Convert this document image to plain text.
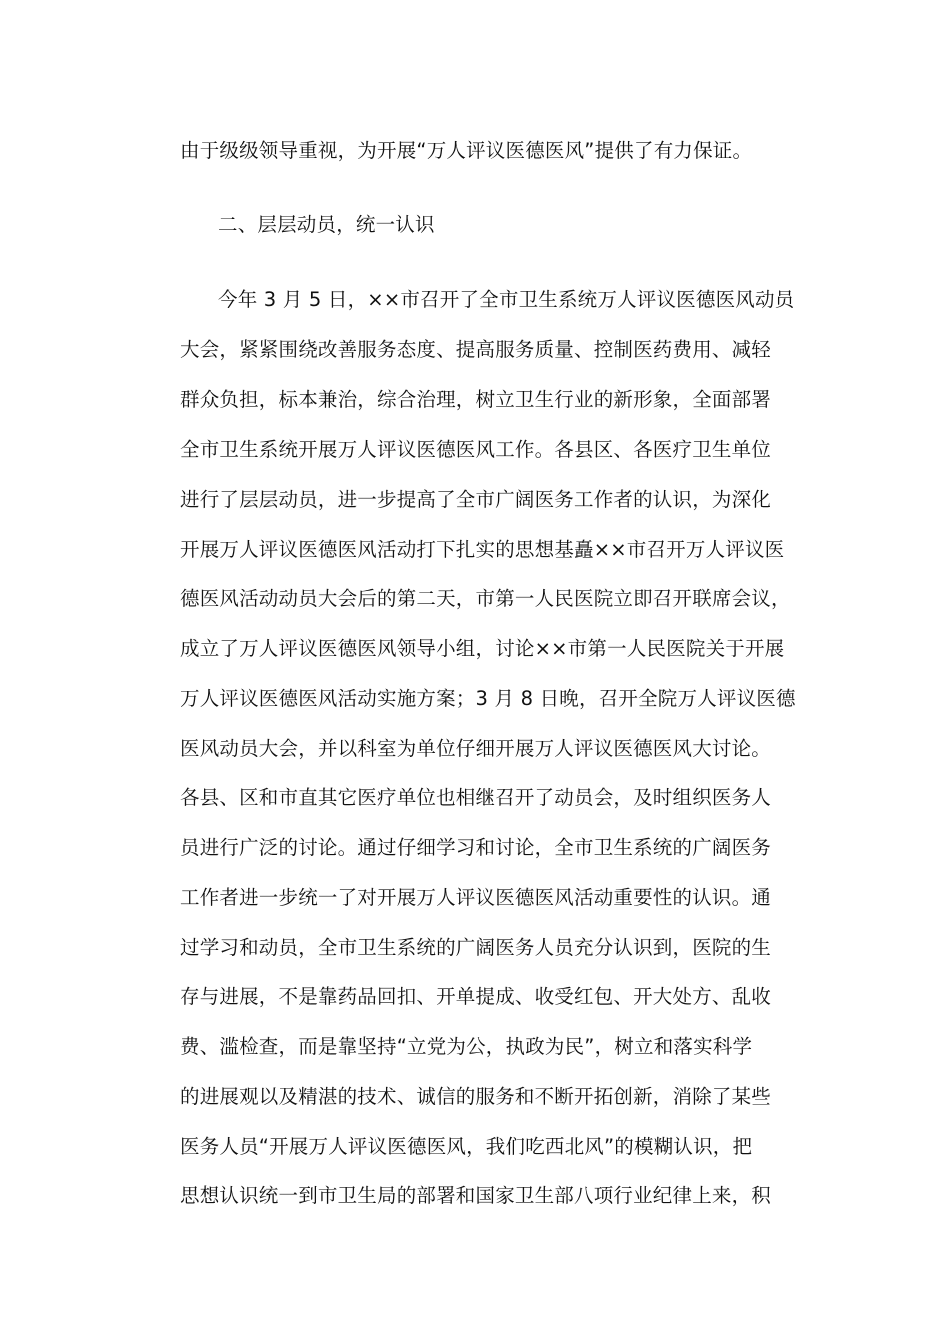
由于级级领导重视，为开展“万人评议医德医风”提供了有力保证。
二、层层动员，统一认识
今年 3 月 5 日，××市召开了全市卫生系统万人评议医德医风动员
大会，紧紧围绕改善服务态度、提高服务质量、控制医药费用、减轻
群众负担，标本兼治，综合治理，树立卫生行业的新形象，全面部署
全市卫生系统开展万人评议医德医风工作。各县区、各医疗卫生单位
进行了层层动员，进一步提高了全市广阔医务工作者的认识，为深化
开展万人评议医德医风活动打下扎实的思想基矗××市召开万人评议医
德医风活动动员大会后的第二天，市第一人民医院立即召开联席会议，
成立了万人评议医德医风领导小组，讨论××市第一人民医院关于开展
万人评议医德医风活动实施方案；3 月 8 日晚，召开全院万人评议医德
医风动员大会，并以科室为单位仔细开展万人评议医德医风大讨论。
各县、区和市直其它医疗单位也相继召开了动员会，及时组织医务人
员进行广泛的讨论。通过仔细学习和讨论，全市卫生系统的广阔医务
工作者进一步统一了对开展万人评议医德医风活动重要性的认识。通
过学习和动员，全市卫生系统的广阔医务人员充分认识到，医院的生
存与进展，不是靠药品回扣、开单提成、收受红包、开大处方、乱收
费、滥检查，而是靠坚持“立党为公，执政为民”，树立和落实科学
的进展观以及精湛的技术、诚信的服务和不断开拓创新，消除了某些
医务人员“开展万人评议医德医风，我们吃西北风”的模糊认识，把
思想认识统一到市卫生局的部署和国家卫生部八项行业纪律上来，积
